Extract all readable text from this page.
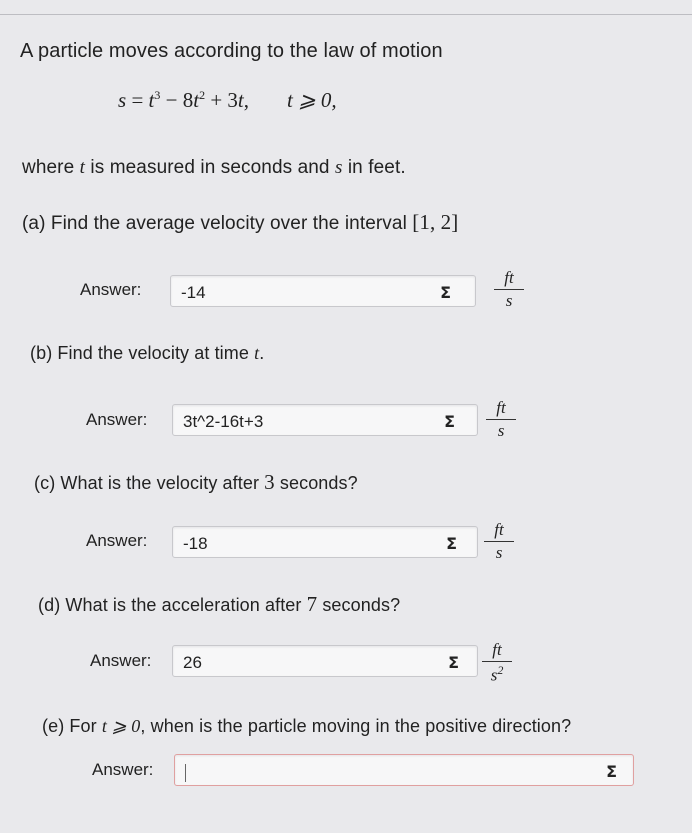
A particle moves according to the law of motion
$s = t^3 - 8t^2 + 3t$, t ⩾ 0,
where t is measured in seconds and s in feet.
(a) Find the average velocity over the interval [1, 2]
Answer:	-14	Σ	$\frac{ft}{s}$
(b) Find the velocity at time t.
Answer:	3t^2-16t+3	Σ $\frac{ft}{s}$
(c) What is the velocity after 3 seconds?
Answer:	-18	Σ $\frac{ft}{s}$
(d) What is the acceleration after 7 seconds?
Answer:	26	Σ $\frac{ft}{s^2}$
(e) For t ⩾ 0, when is the particle moving in the positive direction?
Answer:	Σ
